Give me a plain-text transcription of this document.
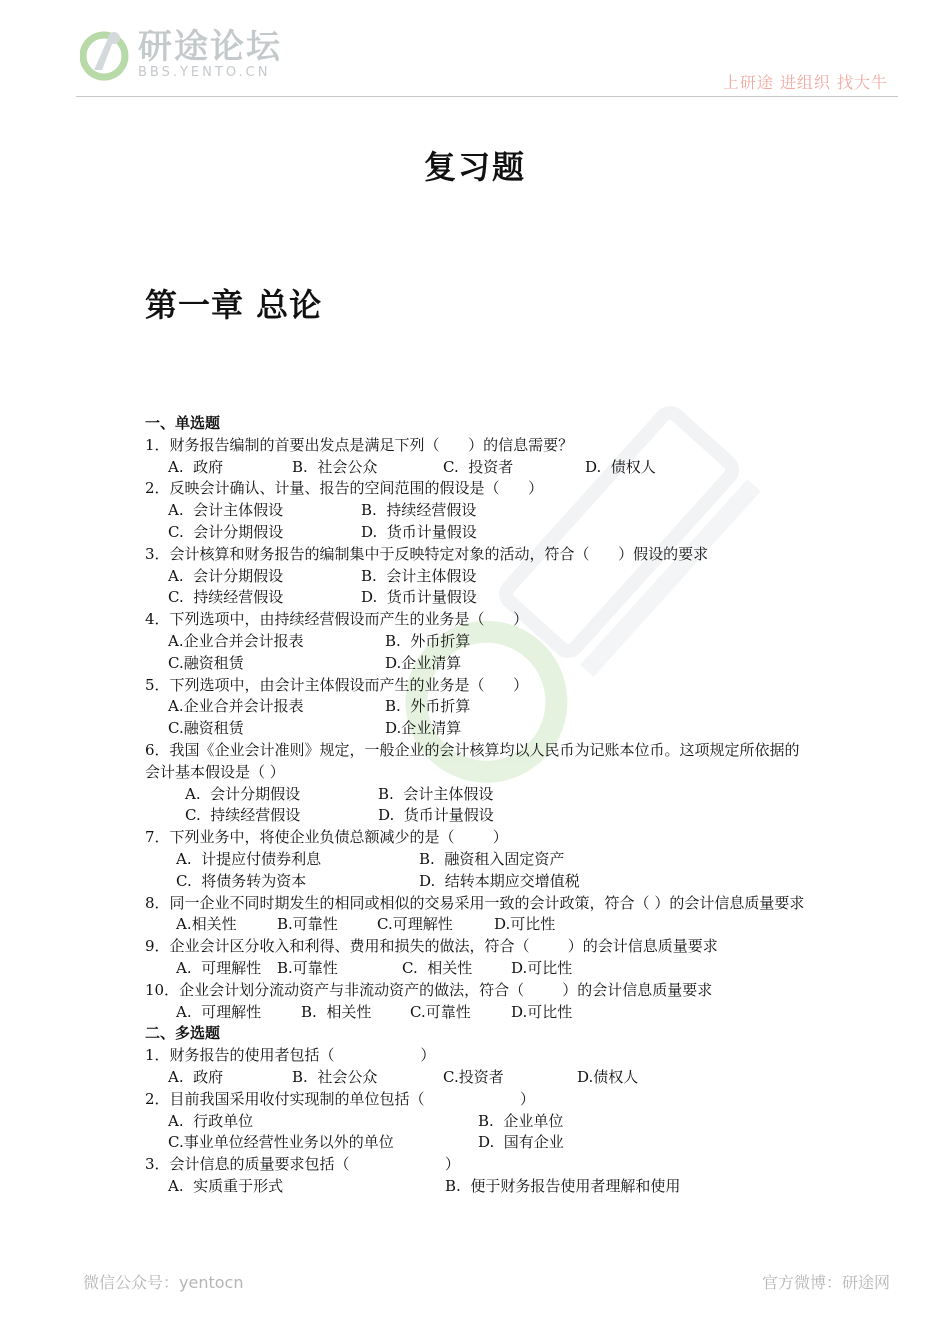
研途论坛
BBS.YENTO.CN
上研途 进组织 找大牛
复习题
第一章 总论
一、单选题
1．财务报告编制的首要出发点是满足下列（      ）的信息需要？
A.  政府	B.  社会公众	C.  投资者	D.  债权人
2．反映会计确认、计量、报告的空间范围的假设是（      ）
A.  会计主体假设	B.  持续经营假设
C.  会计分期假设	D.  货币计量假设
3．会计核算和财务报告的编制集中于反映特定对象的活动，符合（      ）假设的要求
A.  会计分期假设	B.  会计主体假设
C.  持续经营假设	D.  货币计量假设
4．下列选项中，由持续经营假设而产生的业务是（      ）
A.企业合并会计报表	B.  外币折算
C.融资租赁	D.企业清算
5．下列选项中，由会计主体假设而产生的业务是（      ）
A.企业合并会计报表	B.  外币折算
C.融资租赁	D.企业清算
6．我国《企业会计准则》规定，一般企业的会计核算均以人民币为记账本位币。这项规定所依据的会计基本假设是（ ）
A.  会计分期假设	B.  会计主体假设
C.  持续经营假设	D.  货币计量假设
7．下列业务中，将使企业负债总额减少的是（        ）
A.  计提应付债券利息	B.  融资租入固定资产
C.  将债务转为资本	D.  结转本期应交增值税
8．同一企业不同时期发生的相同或相似的交易采用一致的会计政策，符合（ ）的会计信息质量要求
A.相关性	B.可靠性	C.可理解性	D.可比性
9．企业会计区分收入和利得、费用和损失的做法，符合（        ）的会计信息质量要求
A.  可理解性 B.可靠性	C.  相关性	D.可比性
10．企业会计划分流动资产与非流动资产的做法，符合（        ）的会计信息质量要求
A.  可理解性	B.  相关性	C.可靠性	D.可比性
二、多选题
1．财务报告的使用者包括（                  ）
A.  政府	B.  社会公众	C.投资者	D.债权人
2．目前我国采用收付实现制的单位包括（                    ）
A.  行政单位	B.  企业单位
C.事业单位经营性业务以外的单位	D.  国有企业
3．会计信息的质量要求包括（                    ）
A.  实质重于形式	B.  便于财务报告使用者理解和使用
微信公众号：yentocn	官方微博：研途网
